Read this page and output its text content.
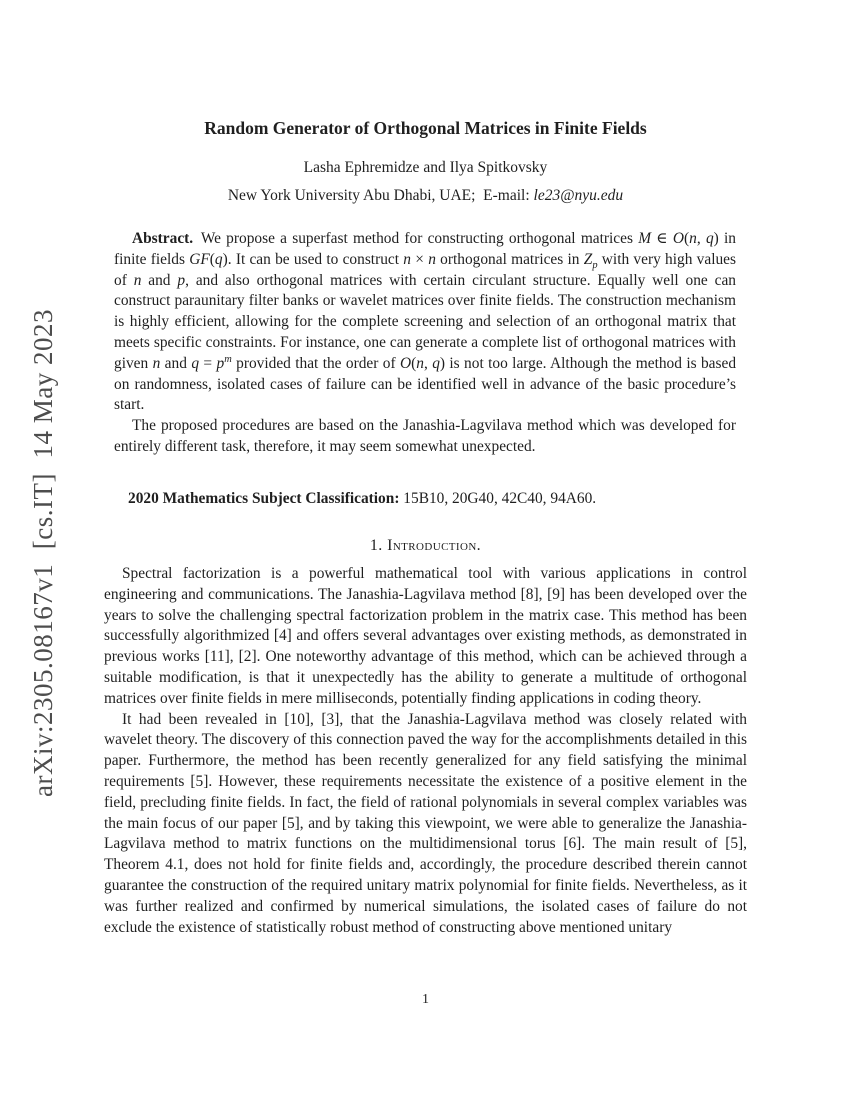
arXiv:2305.08167v1  [cs.IT]  14 May 2023
Random Generator of Orthogonal Matrices in Finite Fields
Lasha Ephremidze and Ilya Spitkovsky
New York University Abu Dhabi, UAE; E-mail: le23@nyu.edu

Abstract. We propose a superfast method for constructing orthogonal matrices M ∈ O(n, q) in finite fields GF(q). It can be used to construct n × n orthogonal matrices in $Z_p$ with very high values of n and p, and also orthogonal matrices with certain circulant structure. Equally well one can construct paraunitary filter banks or wavelet matrices over finite fields. The construction mechanism is highly efficient, allowing for the complete screening and selection of an orthogonal matrix that meets specific constraints. For instance, one can generate a complete list of orthogonal matrices with given n and $q = p^m$ provided that the order of O(n, q) is not too large. Although the method is based on randomness, isolated cases of failure can be identified well in advance of the basic procedure’s start.

The proposed procedures are based on the Janashia-Lagvilava method which was developed for entirely different task, therefore, it may seem somewhat unexpected.

2020 Mathematics Subject Classification: 15B10, 20G40, 42C40, 94A60.

1. Introduction.

Spectral factorization is a powerful mathematical tool with various applications in control engineering and communications. The Janashia-Lagvilava method [8], [9] has been developed over the years to solve the challenging spectral factorization problem in the matrix case. This method has been successfully algorithmized [4] and offers several advantages over existing methods, as demonstrated in previous works [11], [2]. One noteworthy advantage of this method, which can be achieved through a suitable modification, is that it unexpectedly has the ability to generate a multitude of orthogonal matrices over finite fields in mere milliseconds, potentially finding applications in coding theory.

It had been revealed in [10], [3], that the Janashia-Lagvilava method was closely related with wavelet theory. The discovery of this connection paved the way for the accomplishments detailed in this paper. Furthermore, the method has been recently generalized for any field satisfying the minimal requirements [5]. However, these requirements necessitate the existence of a positive element in the field, precluding finite fields. In fact, the field of rational polynomials in several complex variables was the main focus of our paper [5], and by taking this viewpoint, we were able to generalize the Janashia-Lagvilava method to matrix functions on the multidimensional torus [6]. The main result of [5], Theorem 4.1, does not hold for finite fields and, accordingly, the procedure described therein cannot guarantee the construction of the required unitary matrix polynomial for finite fields. Nevertheless, as it was further realized and confirmed by numerical simulations, the isolated cases of failure do not exclude the existence of statistically robust method of constructing above mentioned unitary

1
